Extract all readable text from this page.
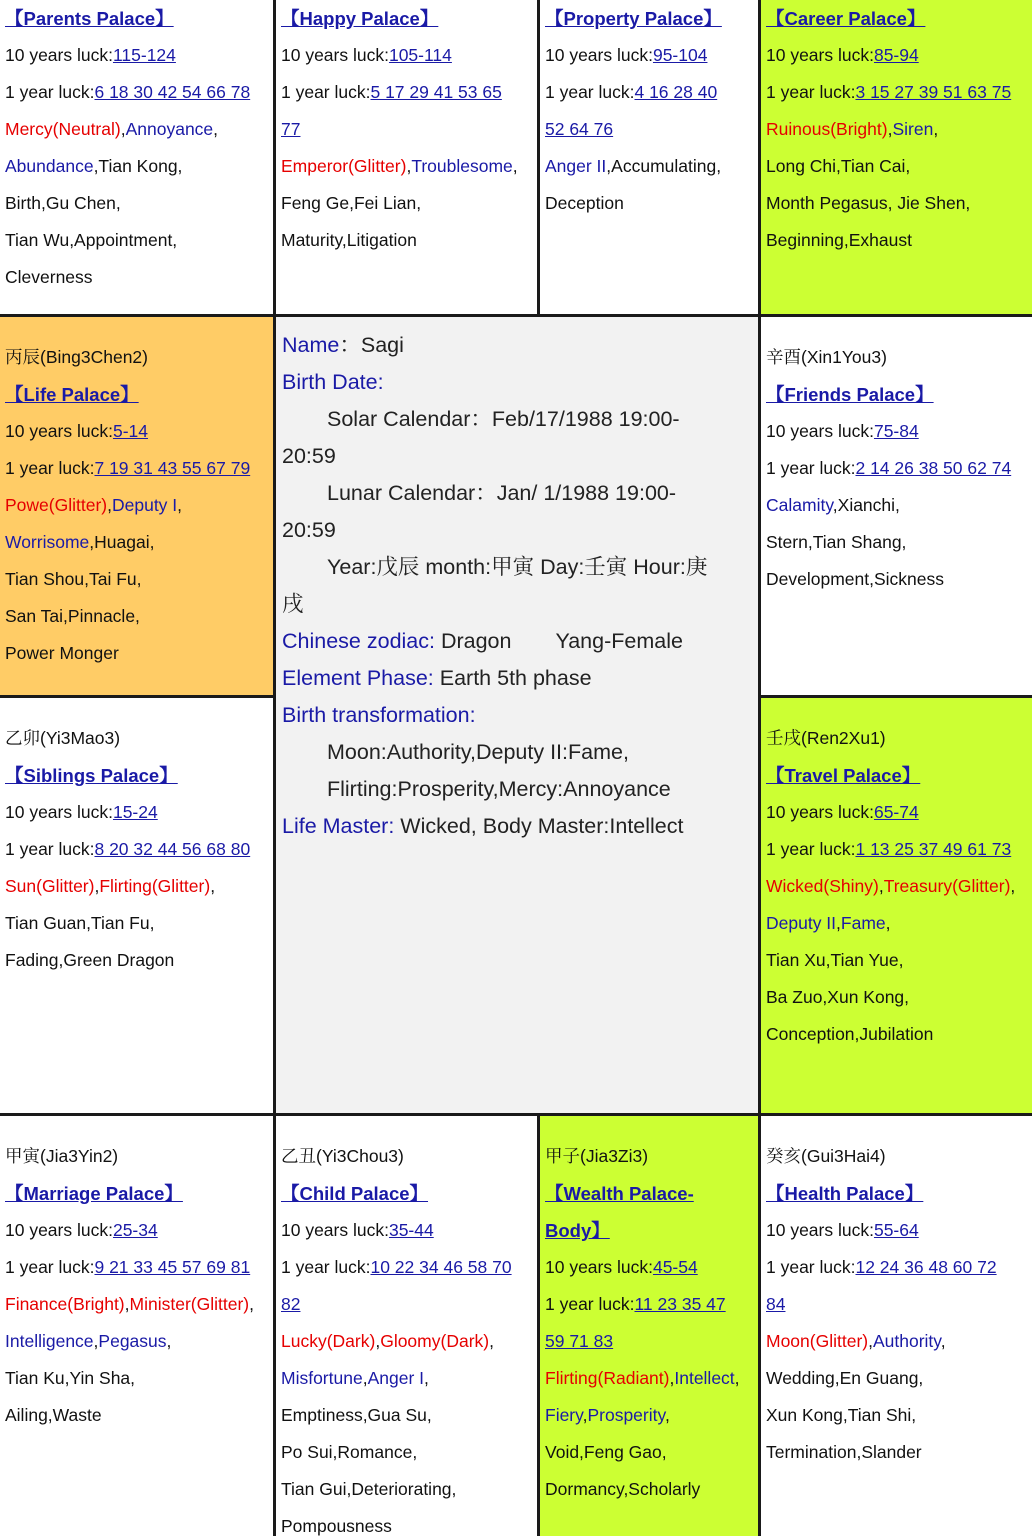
【Parents Palace】
10 years luck:115-124
1 year luck:6 18 30 42 54 66 78
Mercy(Neutral),Annoyance,
Abundance,Tian Kong,
Birth,Gu Chen,
Tian Wu,Appointment,
Cleverness
【Happy Palace】
10 years luck:105-114
1 year luck:5 17 29 41 53 65
77
Emperor(Glitter),Troublesome,
Feng Ge,Fei Lian,
Maturity,Litigation
【Property Palace】
10 years luck:95-104
1 year luck:4 16 28 40
52 64 76
Anger II,Accumulating,
Deception
【Career Palace】
10 years luck:85-94
1 year luck:3 15 27 39 51 63 75
Ruinous(Bright),Siren,
Long Chi,Tian Cai,
Month Pegasus, Jie Shen,
Beginning,Exhaust
丙辰(Bing3Chen2)
【Life Palace】
10 years luck:5-14
1 year luck:7 19 31 43 55 67 79
Powe(Glitter),Deputy I,
Worrisome,Huagai,
Tian Shou,Tai Fu,
San Tai,Pinnacle,
Power Monger
辛酉(Xin1You3)
【Friends Palace】
10 years luck:75-84
1 year luck:2 14 26 38 50 62 74
Calamity,Xianchi,
Stern,Tian Shang,
Development,Sickness
Name：Sagi
Birth Date:
Solar Calendar：Feb/17/1988 19:00-
20:59
Lunar Calendar：Jan/ 1/1988 19:00-
20:59
Year:戊辰 month:甲寅 Day:壬寅 Hour:庚
戌
Chinese zodiac: Dragon Yang-Female
Element Phase: Earth 5th phase
Birth transformation:
Moon:Authority,Deputy II:Fame,
Flirting:Prosperity,Mercy:Annoyance
Life Master: Wicked, Body Master:Intellect
乙卯(Yi3Mao3)
【Siblings Palace】
10 years luck:15-24
1 year luck:8 20 32 44 56 68 80
Sun(Glitter),Flirting(Glitter),
Tian Guan,Tian Fu,
Fading,Green Dragon
壬戌(Ren2Xu1)
【Travel Palace】
10 years luck:65-74
1 year luck:1 13 25 37 49 61 73
Wicked(Shiny),Treasury(Glitter),
Deputy II,Fame,
Tian Xu,Tian Yue,
Ba Zuo,Xun Kong,
Conception,Jubilation
甲寅(Jia3Yin2)
【Marriage Palace】
10 years luck:25-34
1 year luck:9 21 33 45 57 69 81
Finance(Bright),Minister(Glitter),
Intelligence,Pegasus,
Tian Ku,Yin Sha,
Ailing,Waste
乙丑(Yi3Chou3)
【Child Palace】
10 years luck:35-44
1 year luck:10 22 34 46 58 70
82
Lucky(Dark),Gloomy(Dark),
Misfortune,Anger I,
Emptiness,Gua Su,
Po Sui,Romance,
Tian Gui,Deteriorating,
Pompousness
甲子(Jia3Zi3)
【Wealth Palace-
Body】
10 years luck:45-54
1 year luck:11 23 35 47
59 71 83
Flirting(Radiant),Intellect,
Fiery,Prosperity,
Void,Feng Gao,
Dormancy,Scholarly
癸亥(Gui3Hai4)
【Health Palace】
10 years luck:55-64
1 year luck:12 24 36 48 60 72
84
Moon(Glitter),Authority,
Wedding,En Guang,
Xun Kong,Tian Shi,
Termination,Slander
